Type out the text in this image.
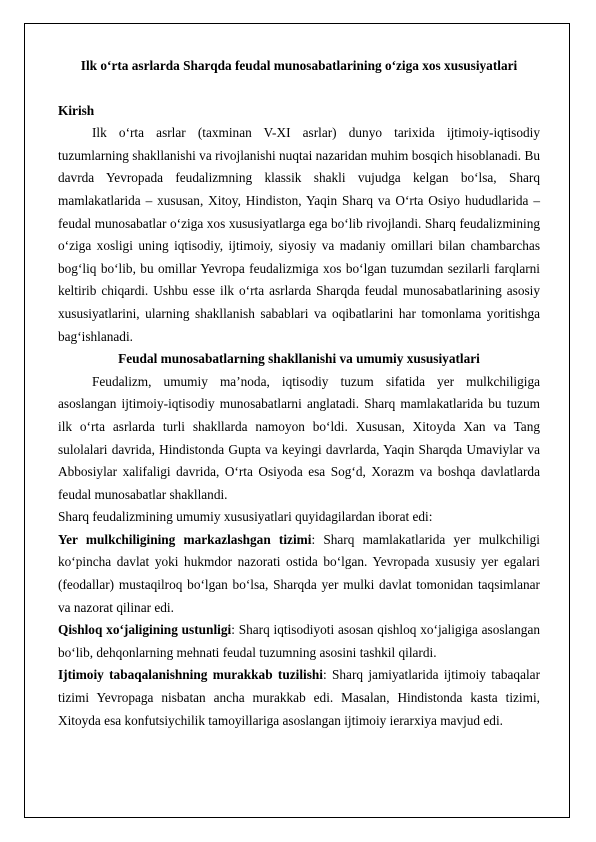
Ilk o‘rta asrlarda Sharqda feudal munosabatlarining o‘ziga xos xususiyatlari
Kirish

Ilk o‘rta asrlar (taxminan V-XI asrlar) dunyo tarixida ijtimoiy-iqtisodiy tuzumlarning shakllanishi va rivojlanishi nuqtai nazaridan muhim bosqich hisoblanadi. Bu davrda Yevropada feudalizmning klassik shakli vujudga kelgan bo‘lsa, Sharq mamlakatlarida – xususan, Xitoy, Hindiston, Yaqin Sharq va O‘rta Osiyo hududlarida – feudal munosabatlar o‘ziga xos xususiyatlarga ega bo‘lib rivojlandi. Sharq feudalizmining o‘ziga xosligi uning iqtisodiy, ijtimoiy, siyosiy va madaniy omillari bilan chambarchas bog‘liq bo‘lib, bu omillar Yevropa feudalizmiga xos bo‘lgan tuzumdan sezilarli farqlarni keltirib chiqardi. Ushbu esse ilk o‘rta asrlarda Sharqda feudal munosabatlarining asosiy xususiyatlarini, ularning shakllanish sabablari va oqibatlarini har tomonlama yoritishga bag‘ishlanadi.

Feudal munosabatlarning shakllanishi va umumiy xususiyatlari

Feudalizm, umumiy ma’noda, iqtisodiy tuzum sifatida yer mulkchiligiga asoslangan ijtimoiy-iqtisodiy munosabatlarni anglatadi. Sharq mamlakatlarida bu tuzum ilk o‘rta asrlarda turli shakllarda namoyon bo‘ldi. Xususan, Xitoyda Xan va Tang sulolalari davrida, Hindistonda Gupta va keyingi davrlarda, Yaqin Sharqda Umaviylar va Abbosiylar xalifaligi davrida, O‘rta Osiyoda esa Sog‘d, Xorazm va boshqa davlatlarda feudal munosabatlar shakllandi.

Sharq feudalizmining umumiy xususiyatlari quyidagilardan iborat edi:

Yer mulkchiligining markazlashgan tizimi: Sharq mamlakatlarida yer mulkchiligi ko‘pincha davlat yoki hukmdor nazorati ostida bo‘lgan. Yevropada xususiy yer egalari (feodallar) mustaqilroq bo‘lgan bo‘lsa, Sharqda yer mulki davlat tomonidan taqsimlanar va nazorat qilinar edi.

Qishloq xo‘jaligining ustunligi: Sharq iqtisodiyoti asosan qishloq xo‘jaligiga asoslangan bo‘lib, dehqonlarning mehnati feudal tuzumning asosini tashkil qilardi.

Ijtimoiy tabaqalanishning murakkab tuzilishi: Sharq jamiyatlarida ijtimoiy tabaqalar tizimi Yevropaga nisbatan ancha murakkab edi. Masalan, Hindistonda kasta tizimi, Xitoyda esa konfutsiychilik tamoyillariga asoslangan ijtimoiy ierarxiya mavjud edi.
